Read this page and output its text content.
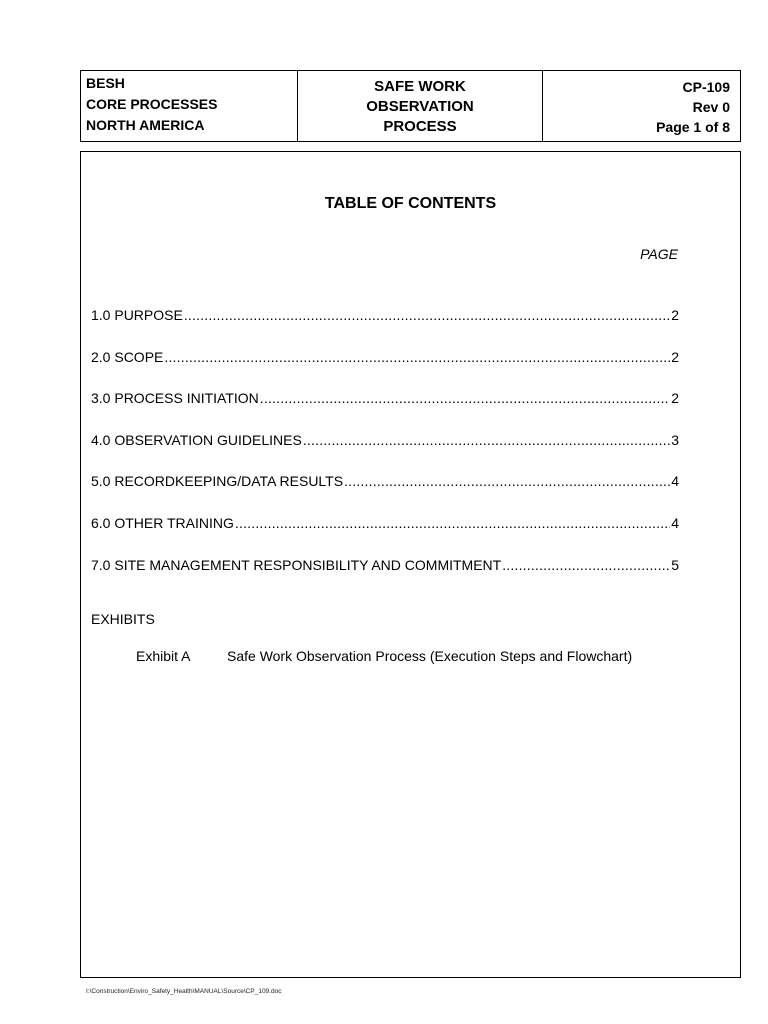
BESH
CORE PROCESSES
NORTH AMERICA
SAFE WORK
OBSERVATION
PROCESS
CP-109
Rev 0
Page 1 of 8
TABLE OF CONTENTS
PAGE
1.0 PURPOSE .....	2
2.0 SCOPE .....	2
3.0 PROCESS INITIATION .....	2
4.0 OBSERVATION GUIDELINES .....	3
5.0 RECORDKEEPING/DATA RESULTS .....	4
6.0 OTHER TRAINING .....	4
7.0 SITE MANAGEMENT RESPONSIBILITY AND COMMITMENT .....	5
EXHIBITS
Exhibit A	Safe Work Observation Process (Execution Steps and Flowchart)
I:\Construction\Enviro_Safety_Health\MANUAL\Source\CP_109.doc
